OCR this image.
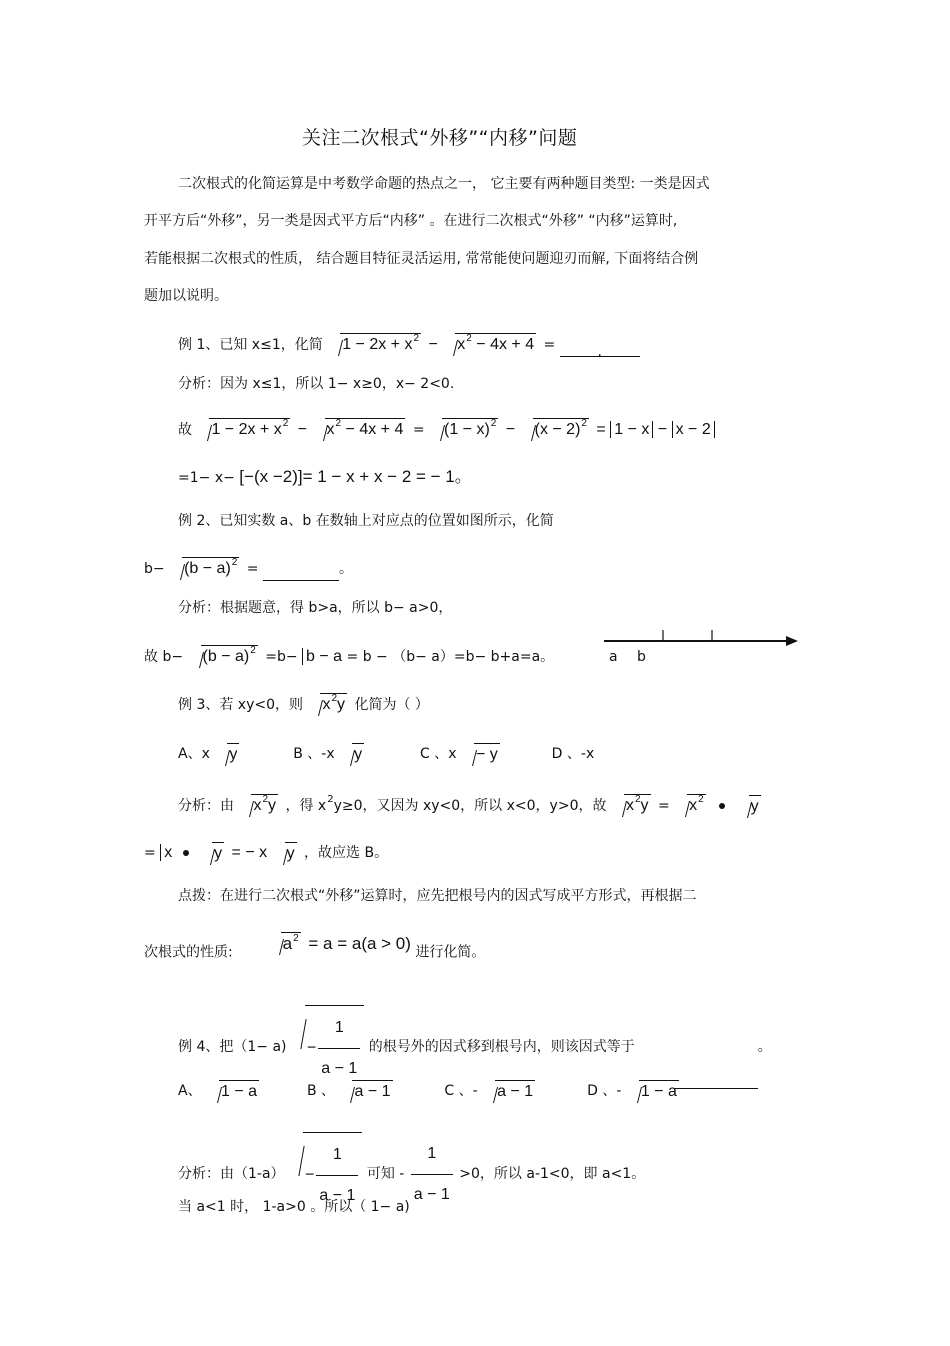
关注二次根式“外移”“内移”问题
二次根式的化简运算是中考数学命题的热点之一， 它主要有两种题目类型: 一类是因式
开平方后“外移”，另一类是因式平方后“内移” 。在进行二次根式“外移” “内移”运算时,
若能根据二次根式的性质， 结合题目特征灵活运用, 常常能使问题迎刃而解, 下面将结合例
题加以说明。
例 1、已知 x≤1，化简 $1 - 2x + x^2 - x^2 - 4x + 4$ =	.
分析：因为 x≤1，所以 1− x≥0，x− 2<0.
故 $1 - 2x + x^2 - x^2 - 4x + 4 = (1 - x)^2 - (x - 2)^2 = 1 - x - x - 2$
=1− x− [−(x −2)]= 1 − x + x − 2 = − 1。
例 2、已知实数 a、b 在数轴上对应点的位置如图所示，化简
$b- (b - a)^2$ =	。
分析：根据题意，得 b>a，所以 b− a>0，
故 $b- (b - a)^2 =b- b - a = b - (b- a)=b- b+a=a$。	a b
例 3、若 xy<0，则 $x^2y$ 化简为（ ）
A、x y	B 、-x y	C 、x − y	D 、-x
分析：由 $x^2y$ ，得 $x^2y\ge 0$，又因为 xy<0，所以 x<0，y>0，故 $x^2y = x^2$	y
= x	y = − x y ，故应选 B。
点拨：在进行二次根式“外移”运算时，应先把根号内的因式写成平方形式，再根据二
次根式的性质:	$a^2 = a = a(a > 0)$ 进行化简。
例 4、把$(1- a) - \frac{1}{a - 1}$ 的根号外的因式移到根号内，则该因式等于	。
A、 1 − a	B 、 a − 1	C 、- a − 1	D 、- 1 − a
分析：由$(1-a) - \frac{1}{a - 1}$ 可知 - $\frac{1}{a - 1} >0$，所以 a-1<0，即 a<1。
当 a<1 时， 1-a>0 。所以（ 1− a)
